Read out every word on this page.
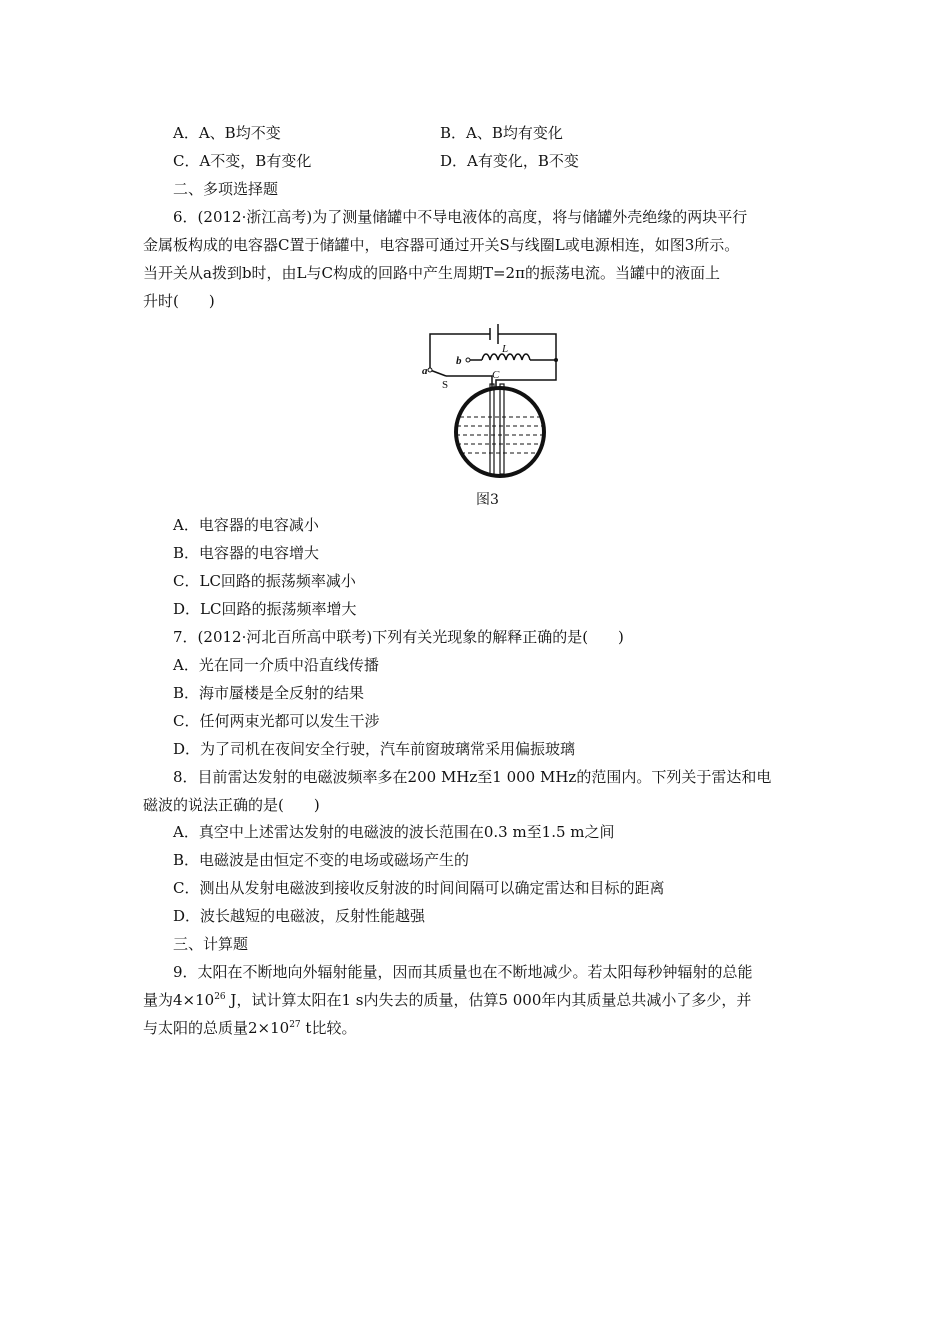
A．A、B均不变	B．A、B均有变化
C．A不变，B有变化	D．A有变化，B不变
二、多项选择题
6．(2012·浙江高考)为了测量储罐中不导电液体的高度，将与储罐外壳绝缘的两块平行
金属板构成的电容器C置于储罐中，电容器可通过开关S与线圈L或电源相连，如图3所示。
当开关从a拨到b时，由L与C构成的回路中产生周期T=2π的振荡电流。当罐中的液面上
升时(　　)
L
b
a
S
C
图3
A．电容器的电容减小
B．电容器的电容增大
C．LC回路的振荡频率减小
D．LC回路的振荡频率增大
7．(2012·河北百所高中联考)下列有关光现象的解释正确的是(　　)
A．光在同一介质中沿直线传播
B．海市蜃楼是全反射的结果
C．任何两束光都可以发生干涉
D．为了司机在夜间安全行驶，汽车前窗玻璃常采用偏振玻璃
8．目前雷达发射的电磁波频率多在200 MHz至1 000 MHz的范围内。下列关于雷达和电
磁波的说法正确的是(　　)
A．真空中上述雷达发射的电磁波的波长范围在0.3 m至1.5 m之间
B．电磁波是由恒定不变的电场或磁场产生的
C．测出从发射电磁波到接收反射波的时间间隔可以确定雷达和目标的距离
D．波长越短的电磁波，反射性能越强
三、计算题
9．太阳在不断地向外辐射能量，因而其质量也在不断地减少。若太阳每秒钟辐射的总能
量为$4\times 10^{26}$ J，试计算太阳在1 s内失去的质量，估算5 000年内其质量总共减小了多少，并
与太阳的总质量$2\times 10^{27}$ t比较。
